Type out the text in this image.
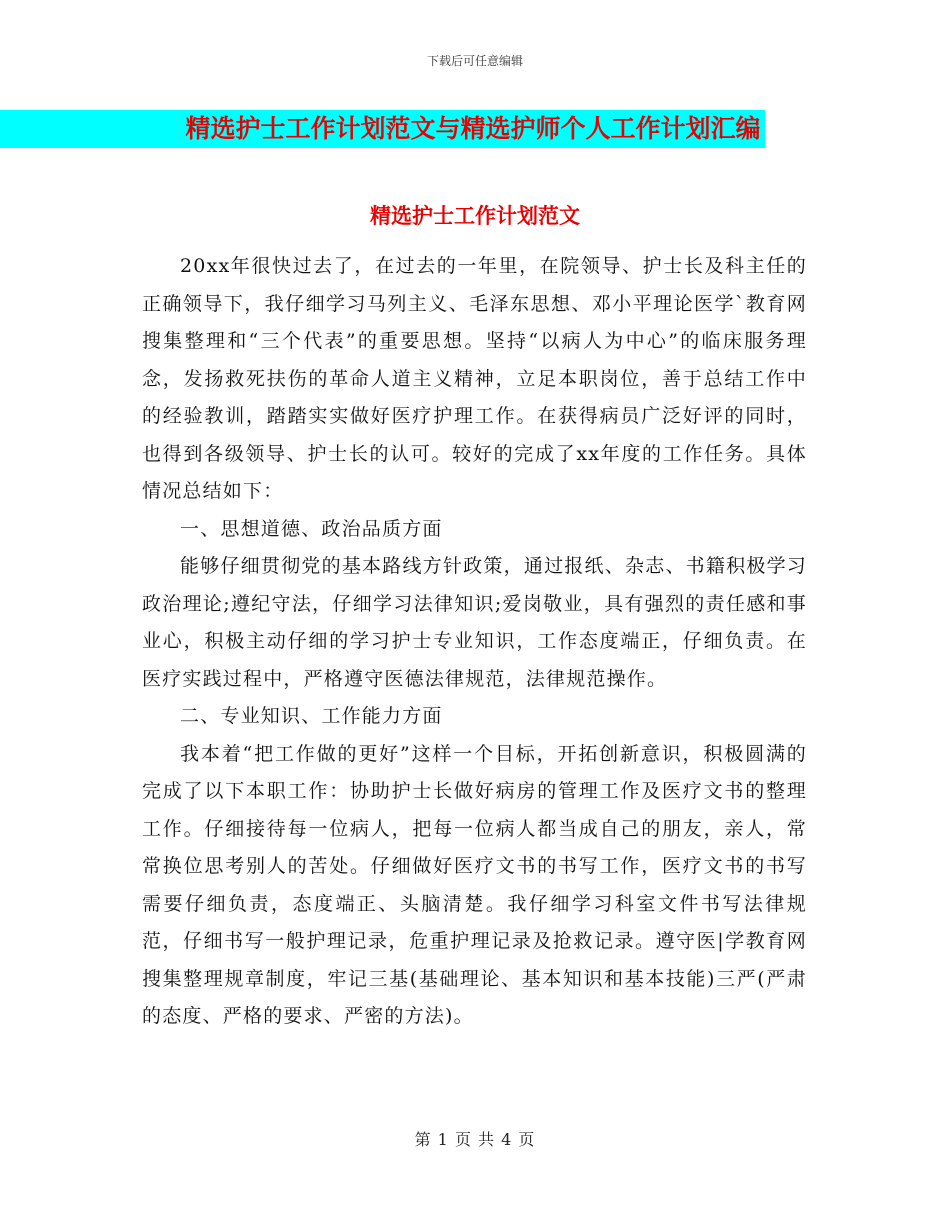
下载后可任意编辑
精选护士工作计划范文与精选护师个人工作计划汇编
精选护士工作计划范文

20xx年很快过去了，在过去的一年里，在院领导、护士长及科主任的正确领导下，我仔细学习马列主义、毛泽东思想、邓小平理论医学`教育网搜集整理和“三个代表”的重要思想。坚持“以病人为中心”的临床服务理念，发扬救死扶伤的革命人道主义精神，立足本职岗位，善于总结工作中的经验教训，踏踏实实做好医疗护理工作。在获得病员广泛好评的同时，也得到各级领导、护士长的认可。较好的完成了xx年度的工作任务。具体情况总结如下：

一、思想道德、政治品质方面

能够仔细贯彻党的基本路线方针政策，通过报纸、杂志、书籍积极学习政治理论;遵纪守法，仔细学习法律知识;爱岗敬业，具有强烈的责任感和事业心，积极主动仔细的学习护士专业知识，工作态度端正，仔细负责。在医疗实践过程中，严格遵守医德法律规范，法律规范操作。

二、专业知识、工作能力方面

我本着“把工作做的更好”这样一个目标，开拓创新意识，积极圆满的完成了以下本职工作：协助护士长做好病房的管理工作及医疗文书的整理工作。仔细接待每一位病人，把每一位病人都当成自己的朋友，亲人，常常换位思考别人的苦处。仔细做好医疗文书的书写工作，医疗文书的书写需要仔细负责，态度端正、头脑清楚。我仔细学习科室文件书写法律规范，仔细书写一般护理记录，危重护理记录及抢救记录。遵守医|学教育网搜集整理规章制度，牢记三基(基础理论、基本知识和基本技能)三严(严肃的态度、严格的要求、严密的方法)。

第 1 页 共 4 页
